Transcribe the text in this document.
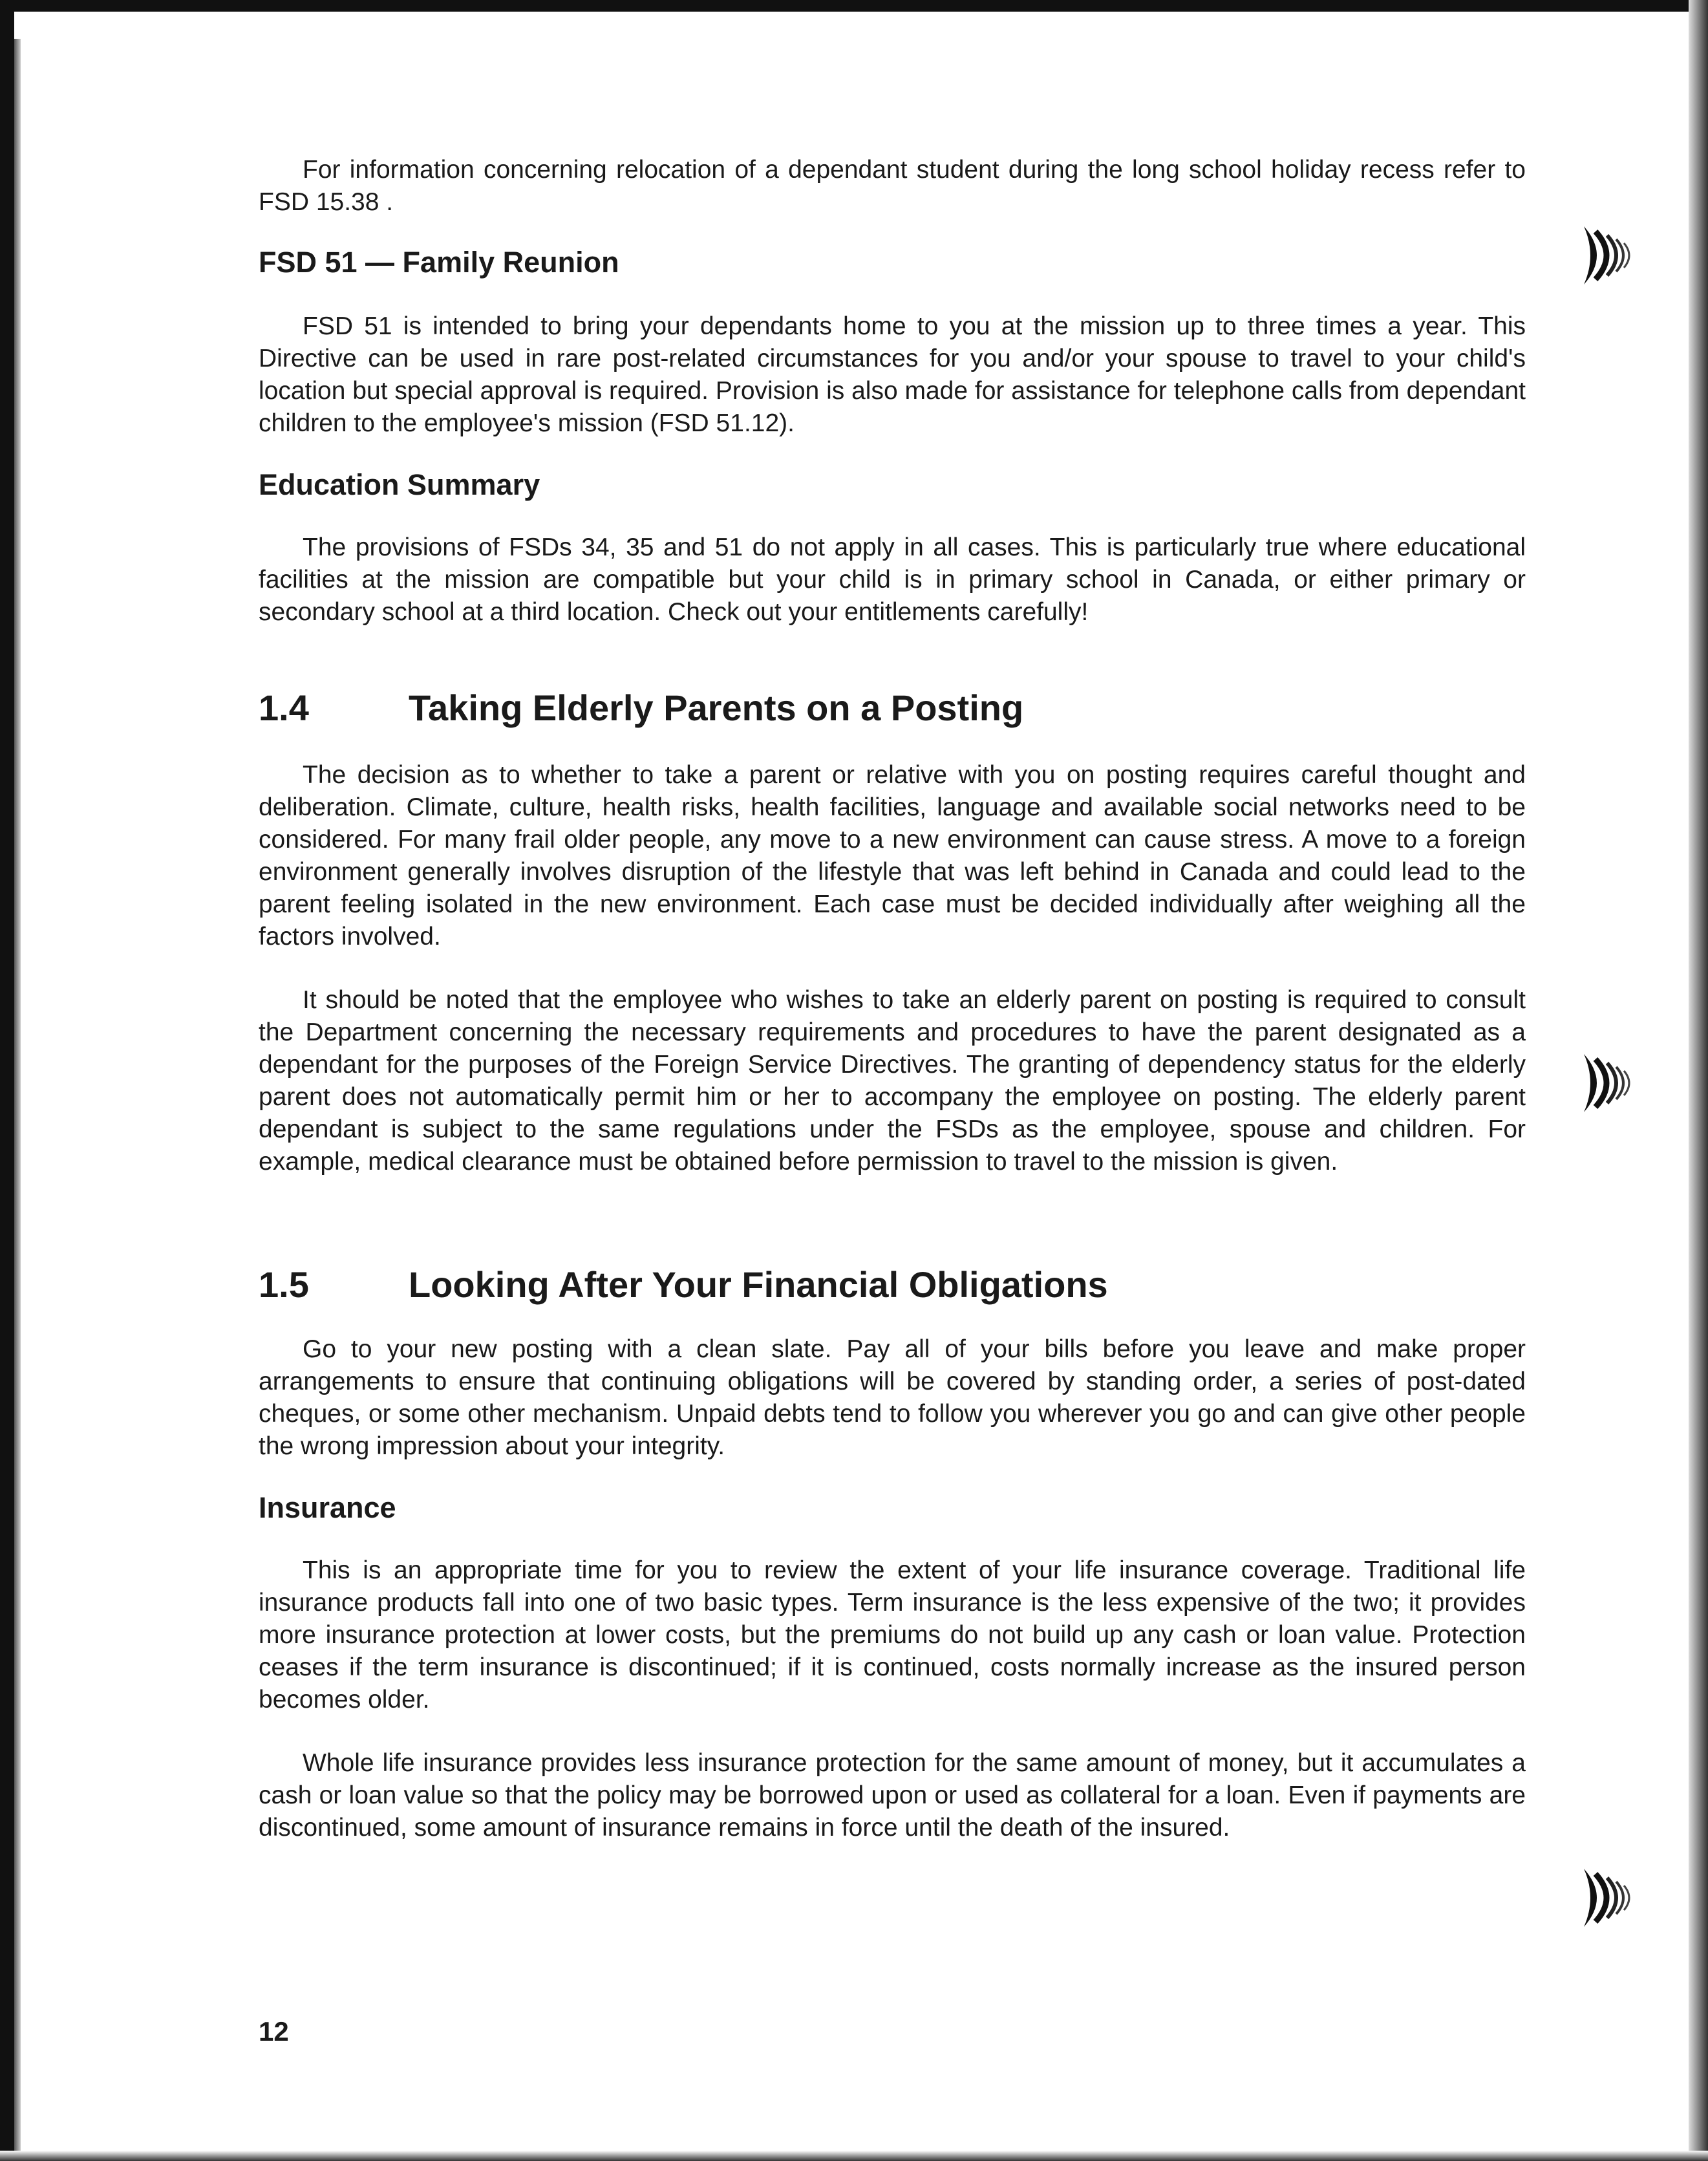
For information concerning relocation of a dependant student during the long school holiday recess refer to FSD 15.38 .

FSD 51 — Family Reunion

FSD 51 is intended to bring your dependants home to you at the mission up to three times a year. This Directive can be used in rare post-related circumstances for you and/or your spouse to travel to your child's location but special approval is required. Provision is also made for assistance for telephone calls from dependant children to the employee's mission (FSD 51.12).

Education Summary

The provisions of FSDs 34, 35 and 51 do not apply in all cases. This is particularly true where educational facilities at the mission are compatible but your child is in primary school in Canada, or either primary or secondary school at a third location. Check out your entitlements carefully!

1.4	Taking Elderly Parents on a Posting

The decision as to whether to take a parent or relative with you on posting requires careful thought and deliberation. Climate, culture, health risks, health facilities, language and available social networks need to be considered. For many frail older people, any move to a new environment can cause stress. A move to a foreign environment generally involves disruption of the lifestyle that was left behind in Canada and could lead to the parent feeling isolated in the new environment. Each case must be decided individually after weighing all the factors involved.

It should be noted that the employee who wishes to take an elderly parent on posting is required to consult the Department concerning the necessary requirements and procedures to have the parent designated as a dependant for the purposes of the Foreign Service Directives. The granting of dependency status for the elderly parent does not automatically permit him or her to accompany the employee on posting. The elderly parent dependant is subject to the same regulations under the FSDs as the employee, spouse and children. For example, medical clearance must be obtained before permission to travel to the mission is given.

1.5	Looking After Your Financial Obligations

Go to your new posting with a clean slate. Pay all of your bills before you leave and make proper arrangements to ensure that continuing obligations will be covered by standing order, a series of post-dated cheques, or some other mechanism. Unpaid debts tend to follow you wherever you go and can give other people the wrong impression about your integrity.

Insurance

This is an appropriate time for you to review the extent of your life insurance coverage. Traditional life insurance products fall into one of two basic types. Term insurance is the less expensive of the two; it provides more insurance protection at lower costs, but the premiums do not build up any cash or loan value. Protection ceases if the term insurance is discontinued; if it is continued, costs normally increase as the insured person becomes older.

Whole life insurance provides less insurance protection for the same amount of money, but it accumulates a cash or loan value so that the policy may be borrowed upon or used as collateral for a loan. Even if payments are discontinued, some amount of insurance remains in force until the death of the insured.

12
